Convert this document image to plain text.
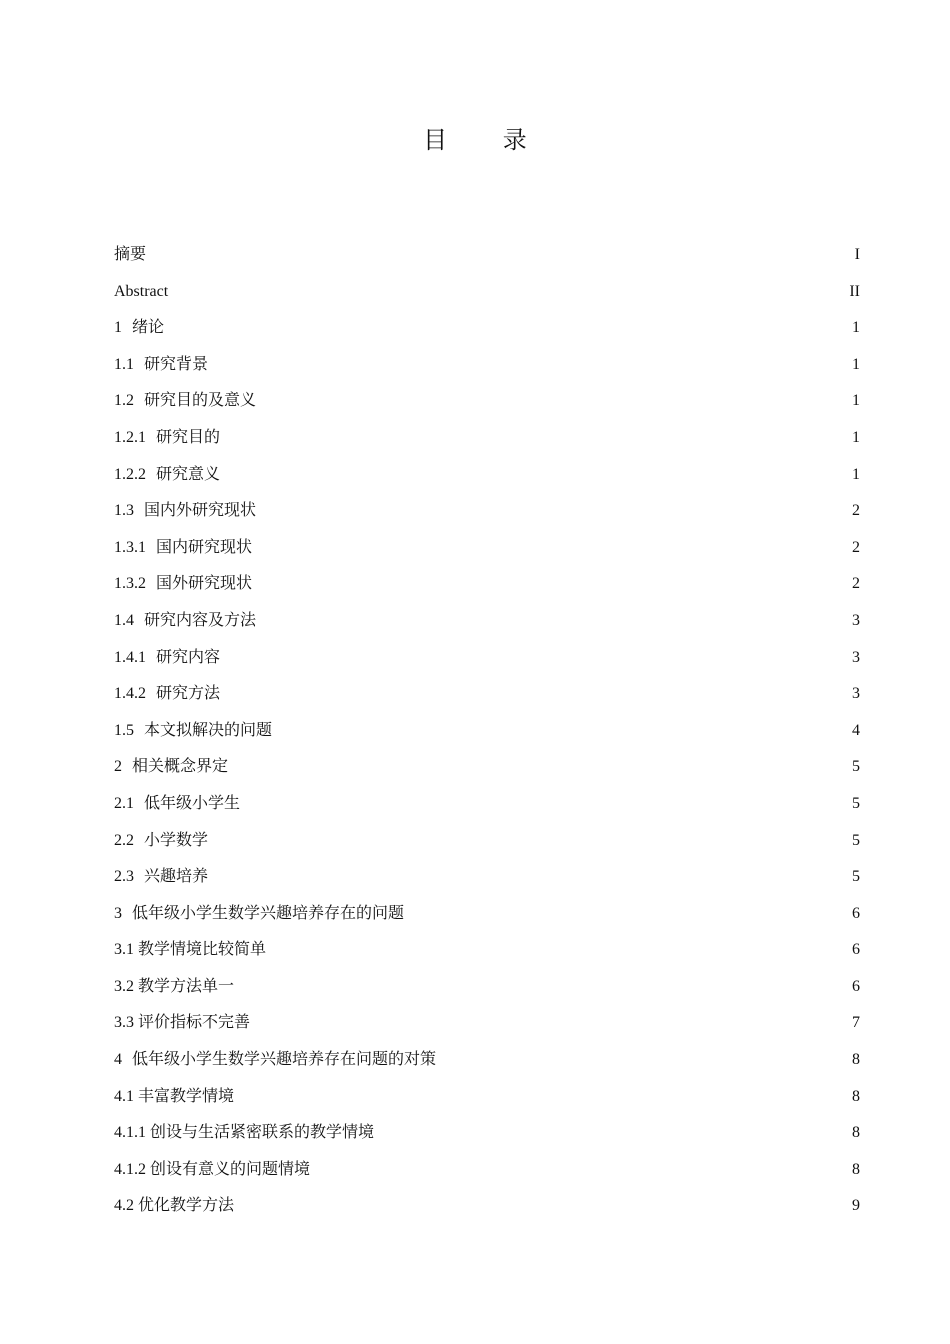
目 录
摘要	I
Abstract	II
1 绪论	1
1.1 研究背景	1
1.2 研究目的及意义	1
1.2.1 研究目的	1
1.2.2 研究意义	1
1.3 国内外研究现状	2
1.3.1 国内研究现状	2
1.3.2 国外研究现状	2
1.4 研究内容及方法	3
1.4.1 研究内容	3
1.4.2 研究方法	3
1.5 本文拟解决的问题	4
2 相关概念界定	5
2.1 低年级小学生	5
2.2 小学数学	5
2.3 兴趣培养	5
3 低年级小学生数学兴趣培养存在的问题	6
3.1 教学情境比较简单	6
3.2 教学方法单一	6
3.3 评价指标不完善	7
4 低年级小学生数学兴趣培养存在问题的对策	8
4.1 丰富教学情境	8
4.1.1 创设与生活紧密联系的教学情境	8
4.1.2 创设有意义的问题情境	8
4.2 优化教学方法	9
